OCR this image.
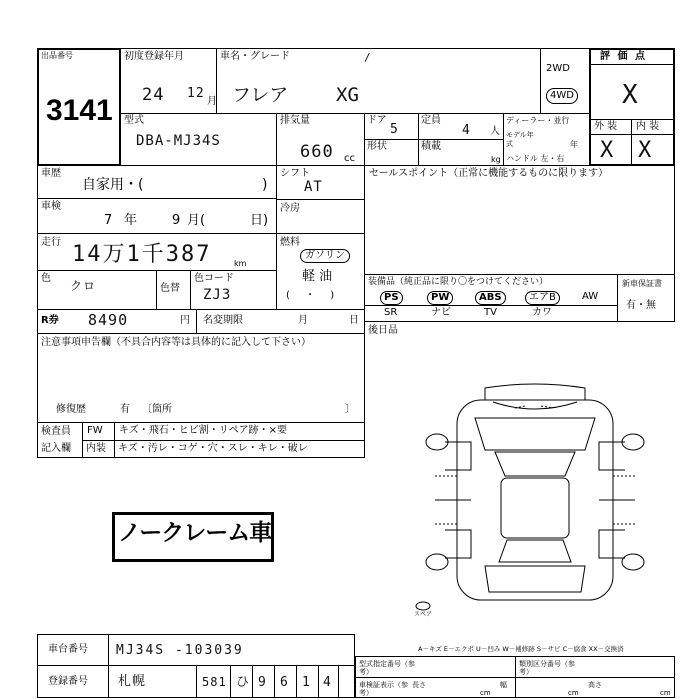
出品番号
3141
初度登録年月
24 12
月
車名・グレード	/
フレア	XG
2WD
4WD
評 価 点
X
外 装 内 装
X X
型式
DBA-MJ34S
排気量
660 cc
ドア
5
定員
4 人
形状	積載
kg
ディーラー・並行
モデル年式	年
ハンドル 左・右
車歴
自家用・(	)
車検
7 年	9 月 (	日)
走行 14万1千387	km
色
クロ	色替
色コード
ZJ3
シフト
AT
冷房
燃料
ガソリン
軽 油
( ・ )
セールスポイント（正常に機能するものに限ります）
装備品（純正品に限り〇をつけてください）	新車保証書
PS	PW	ABS	エアB	AW
SR	ナビ	TV	カワ
有・無
後日品
R券 8490	円 名変期限	月	日
注意事項申告欄（不具合内容等は具体的に記入して下さい）
修復歴	有 〔箇所	〕
検査員
記入欄
FW キズ・飛石・ヒビ割・リペア跡・×要
内装 キズ・汚レ・コゲ・穴・スレ・キレ・破レ
ノークレーム車
スペア
A－キズ E－エクボ U－凹み W－補修跡 S－サビ C－腐食 XX－交換済
車台番号 MJ34S -103039
登録番号 札幌	581 ひ 9 6 1 4
型式指定番号（参考）
類別区分番号（参考）
車検証表示（参考）
長さ
cm
幅
cm
高さ
cm
